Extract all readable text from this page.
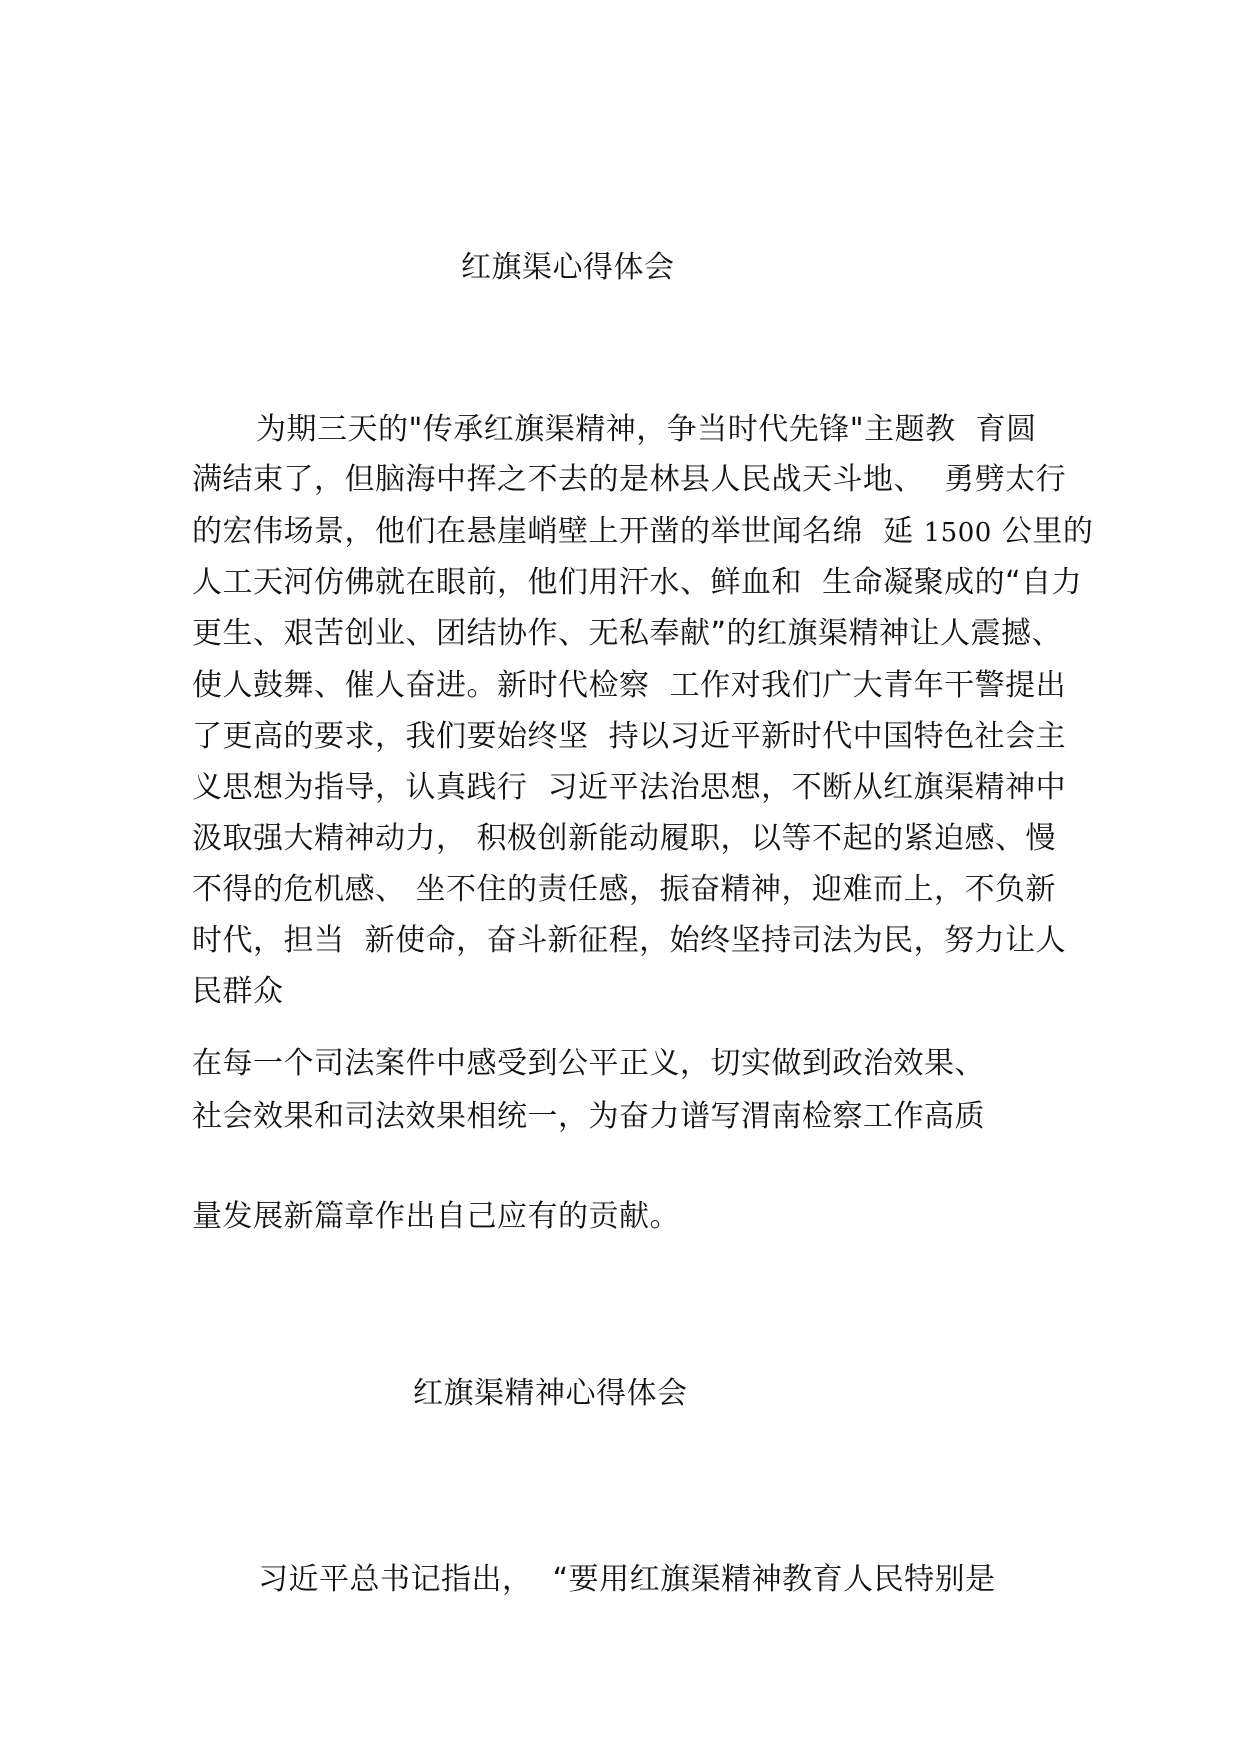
红旗渠心得体会
为期三天的"传承红旗渠精神，争当时代先锋"主题教  育圆
满结束了，但脑海中挥之不去的是林县人民战天斗地、  勇劈太行
的宏伟场景，他们在悬崖峭壁上开凿的举世闻名绵  延 1500 公里的
人工天河仿佛就在眼前，他们用汗水、鲜血和  生命凝聚成的“自力
更生、艰苦创业、团结协作、无私奉献”的红旗渠精神让人震撼、
使人鼓舞、催人奋进。新时代检察  工作对我们广大青年干警提出
了更高的要求，我们要始终坚  持以习近平新时代中国特色社会主
义思想为指导，认真践行  习近平法治思想，不断从红旗渠精神中
汲取强大精神动力， 积极创新能动履职，以等不起的紧迫感、慢
不得的危机感、 坐不住的责任感，振奋精神，迎难而上，不负新
时代，担当  新使命，奋斗新征程，始终坚持司法为民，努力让人
民群众
在每一个司法案件中感受到公平正义，切实做到政治效果、
社会效果和司法效果相统一，为奋力谱写渭南检察工作高质
量发展新篇章作出自己应有的贡献。
红旗渠精神心得体会
习近平总书记指出，  “要用红旗渠精神教育人民特别是
